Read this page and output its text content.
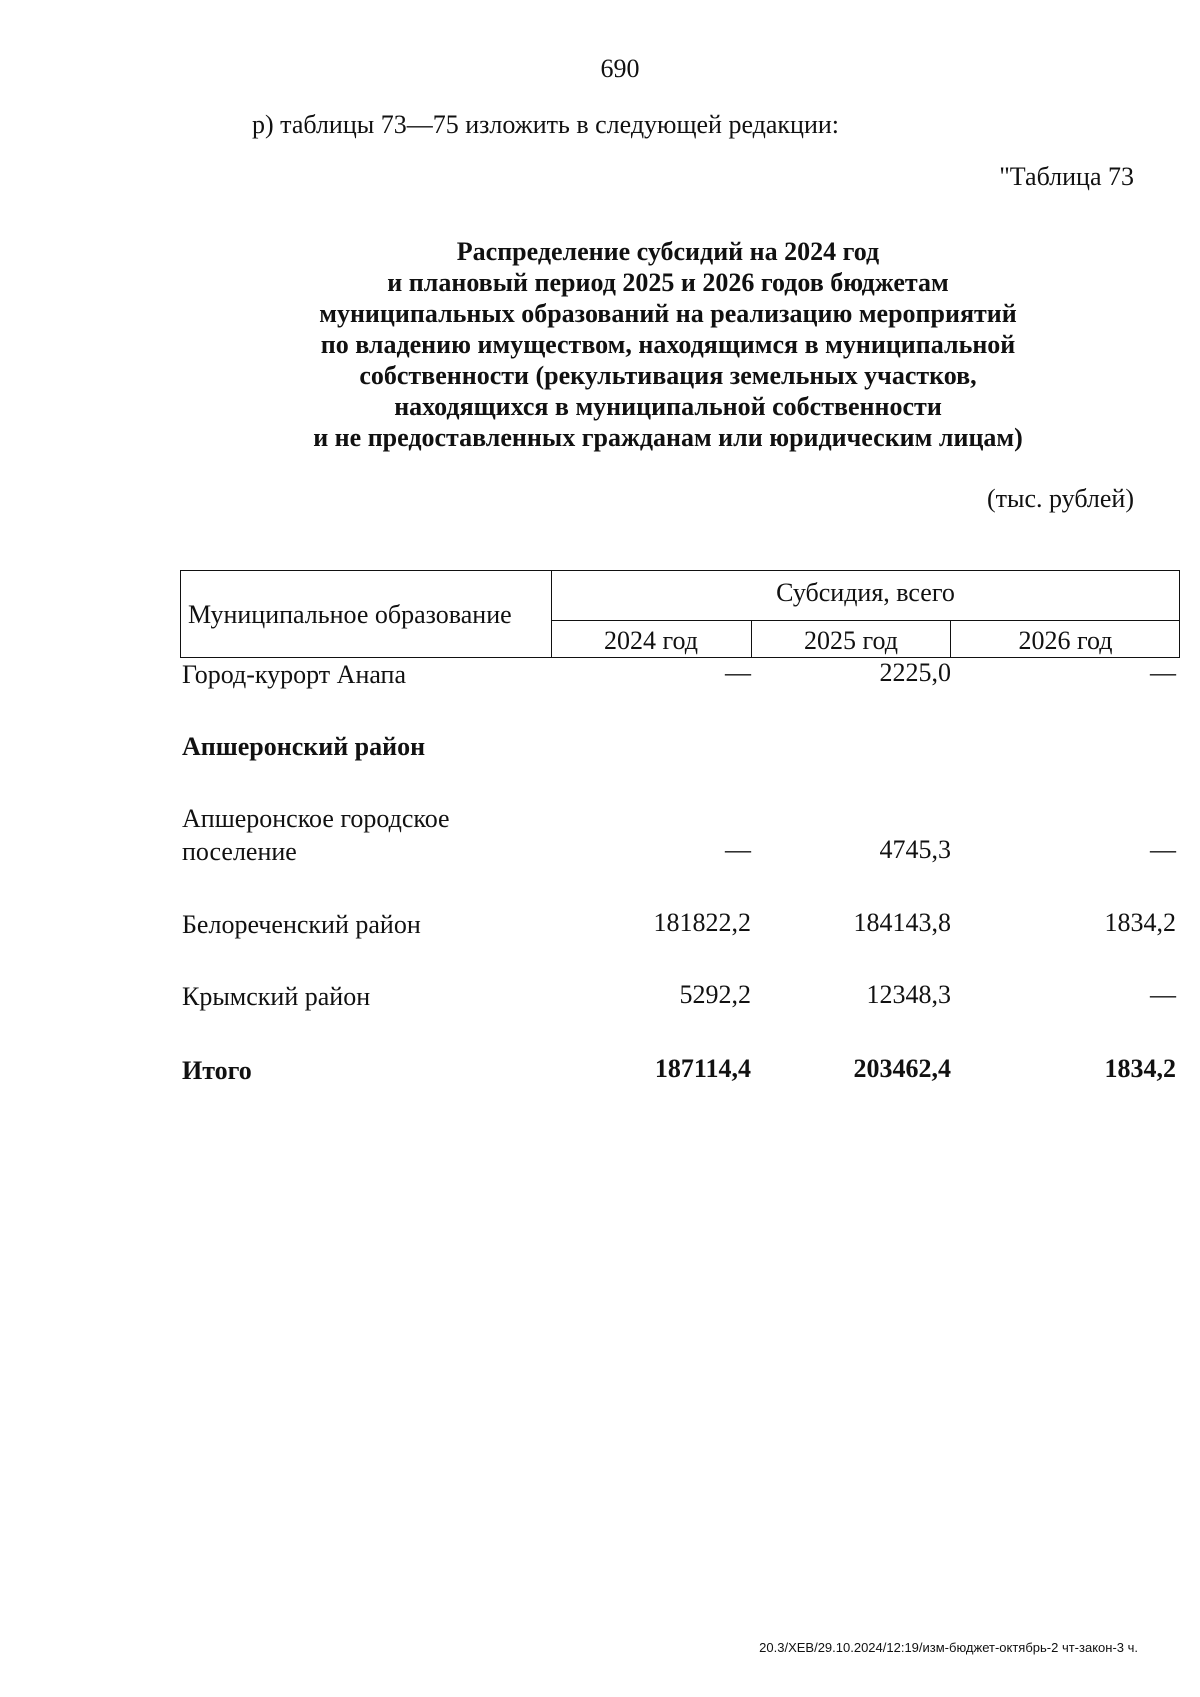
690
р) таблицы 73—75 изложить в следующей редакции:
"Таблица 73
Распределение субсидий на 2024 год
и плановый период 2025 и 2026 годов бюджетам
муниципальных образований на реализацию мероприятий
по владению имуществом, находящимся в муниципальной
собственности (рекультивация земельных участков,
находящихся в муниципальной собственности
и не предоставленных гражданам или юридическим лицам)
(тыс. рублей)
Муниципальное образование
Субсидия, всего
2024 год	2025 год	2026 год
Город-курорт Анапа	—	2225,0	—
Апшеронский район
Апшеронское городское поселение	—	4745,3	—
Белореченский район	181822,2	184143,8	1834,2
Крымский район	5292,2	12348,3	—
Итого	187114,4	203462,4	1834,2
20.3/ХЕВ/29.10.2024/12:19/изм-бюджет-октябрь-2 чт-закон-3 ч.
